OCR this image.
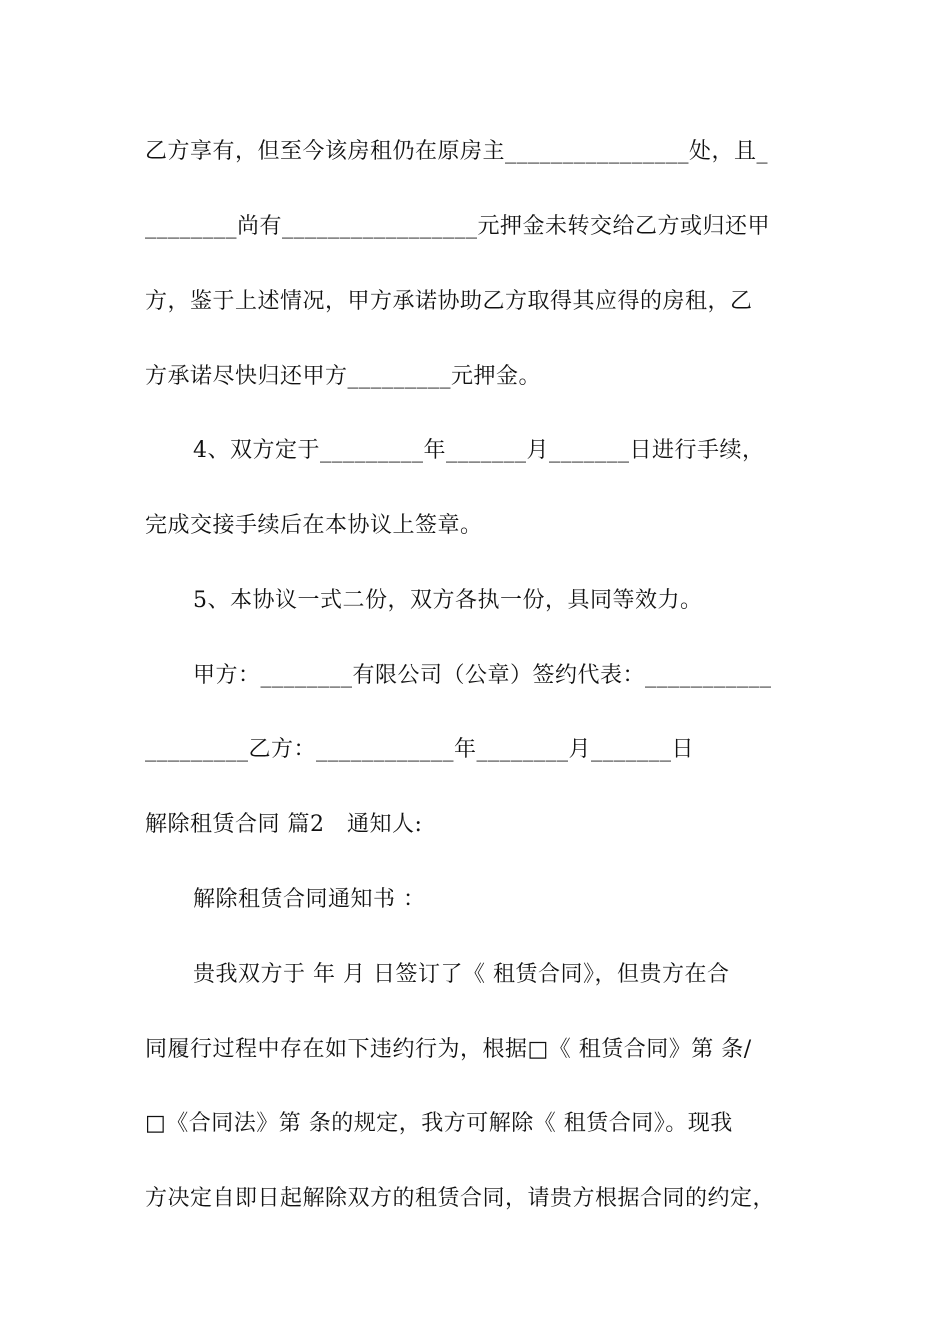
乙方享有，但至今该房租仍在原房主________________处，且_
________尚有_________________元押金未转交给乙方或归还甲
方，鉴于上述情况，甲方承诺协助乙方取得其应得的房租，乙
方承诺尽快归还甲方_________元押金。
4、双方定于_________年_______月_______日进行手续，
完成交接手续后在本协议上签章。
5、本协议一式二份，双方各执一份，具同等效力。
甲方：________有限公司（公章）签约代表：___________
_________乙方：____________年________月_______日
解除租赁合同 篇2   通知人:
解除租赁合同通知书 ：
贵我双方于 年 月 日签订了《 租赁合同》，但贵方在合
同履行过程中存在如下违约行为，根据□《 租赁合同》第 条/
□《合同法》第 条的规定，我方可解除《 租赁合同》。现我
方决定自即日起解除双方的租赁合同，请贵方根据合同的约定，
